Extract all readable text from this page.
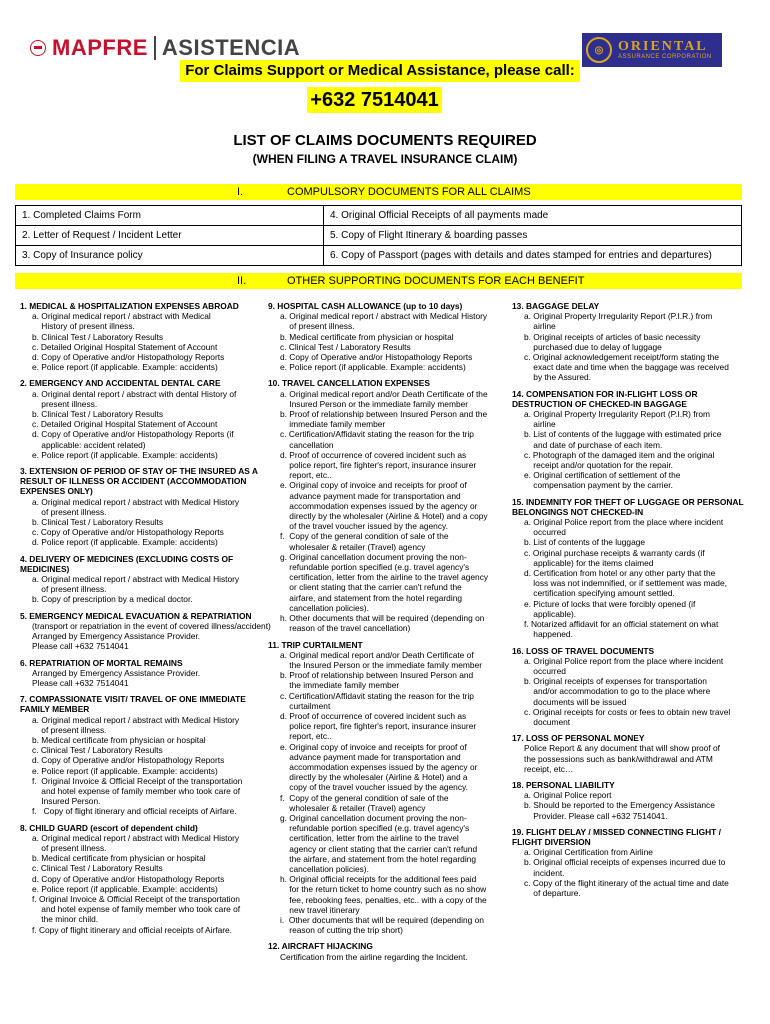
MAPFRE ASISTENCIA	◎	ORIENTAL
ASSURANCE CORPORATION
For Claims Support or Medical Assistance, please call:
+632 7514041
LIST OF CLAIMS DOCUMENTS REQUIRED
(WHEN FILING A TRAVEL INSURANCE CLAIM)
I.	COMPULSORY DOCUMENTS FOR ALL CLAIMS
1. Completed Claims Form	4. Original Official Receipts of all payments made
2. Letter of Request / Incident Letter	5. Copy of Flight Itinerary & boarding passes
3. Copy of Insurance policy	6. Copy of Passport (pages with details and dates stamped for entries and departures)
II.	OTHER SUPPORTING DOCUMENTS FOR EACH BENEFIT
1. MEDICAL & HOSPITALIZATION EXPENSES ABROAD
a. Original medical report / abstract with Medical
History of present illness.
b. Clinical Test / Laboratory Results
c. Detailed Original Hospital Statement of Account
d. Copy of Operative and/or Histopathology Reports
e. Police report (if applicable. Example: accidents)
2. EMERGENCY AND ACCIDENTAL DENTAL CARE
a. Original dental report / abstract with dental History of
present illness.
b. Clinical Test / Laboratory Results
c. Detailed Original Hospital Statement of Account
d. Copy of Operative and/or Histopathology Reports (if
applicable: accident related)
e. Police report (if applicable. Example: accidents)
3. EXTENSION OF PERIOD OF STAY OF THE INSURED AS A RESULT OF ILLNESS OR ACCIDENT (ACCOMMODATION EXPENSES ONLY)
a. Original medical report / abstract with Medical History
of present illness.
b. Clinical Test / Laboratory Results
c. Copy of Operative and/or Histopathology Reports
d. Police report (if applicable. Example: accidents)
4. DELIVERY OF MEDICINES (EXCLUDING COSTS OF MEDICINES)
a. Original medical report / abstract with Medical History
of present illness.
b. Copy of prescription by a medical doctor.
5. EMERGENCY MEDICAL EVACUATION & REPATRIATION
(transport or repatriation in the event of covered illness/accident)
Arranged by Emergency Assistance Provider.
Please call +632 7514041
6. REPATRIATION OF MORTAL REMAINS
Arranged by Emergency Assistance Provider.
Please call +632 7514041
7. COMPASSIONATE VISIT/ TRAVEL OF ONE IMMEDIATE FAMILY MEMBER
a. Original medical report / abstract with Medical History
of present illness.
b. Medical certificate from physician or hospital
c. Clinical Test / Laboratory Results
d. Copy of Operative and/or Histopathology Reports
e. Police report (if applicable. Example: accidents)
f.  Original Invoice & Official Receipt of the transportation
and hotel expense of family member who took care of
Insured Person.
f.   Copy of flight itinerary and official receipts of Airfare.
8. CHILD GUARD (escort of dependent child)
a. Original medical report / abstract with Medical History
of present illness.
b. Medical certificate from physician or hospital
c. Clinical Test / Laboratory Results
d. Copy of Operative and/or Histopathology Reports
e. Police report (if applicable. Example: accidents)
f. Original Invoice & Official Receipt of the transportation
and hotel expense of family member who took care of
the minor child.
f. Copy of flight itinerary and official receipts of Airfare.
9. HOSPITAL CASH ALLOWANCE (up to 10 days)
a. Original medical report / abstract with Medical History
of present illness.
b. Medical certificate from physician or hospital
c. Clinical Test / Laboratory Results
d. Copy of Operative and/or Histopathology Reports
e. Police report (if applicable. Example: accidents)
10. TRAVEL CANCELLATION EXPENSES
a. Original medical report and/or Death Certificate of the
Insured Person or the immediate family member
b. Proof of relationship between Insured Person and the
immediate family member
c. Certification/Affidavit stating the reason for the trip
cancellation
d. Proof of occurrence of covered incident such as
police report, fire fighter's report, insurance insurer
report, etc..
e. Original copy of invoice and receipts for proof of
advance payment made for transportation and
accommodation expenses issued by the agency or
directly by the wholesaler (Airline & Hotel) and a copy
of the travel voucher issued by the agency.
f.  Copy of the general condition of sale of the
wholesaler & retailer (Travel) agency
g. Original cancellation document proving the non-
refundable portion specified (e.g. travel agency's
certification, letter from the airline to the travel agency
or client stating that the carrier can't refund the
airfare, and statement from the hotel regarding
cancellation policies).
h. Other documents that will be required (depending on
reason of the travel cancellation)
11. TRIP CURTAILMENT
a. Original medical report and/or Death Certificate of
the Insured Person or the immediate family member
b. Proof of relationship between Insured Person and
the immediate family member
c. Certification/Affidavit stating the reason for the trip
curtailment
d. Proof of occurrence of covered incident such as
police report, fire fighter's report, insurance insurer
report, etc..
e. Original copy of invoice and receipts for proof of
advance payment made for transportation and
accommodation expenses issued by the agency or
directly by the wholesaler (Airline & Hotel) and a
copy of the travel voucher issued by the agency.
f.  Copy of the general condition of sale of the
wholesaler & retailer (Travel) agency
g. Original cancellation document proving the non-
refundable portion specified (e.g. travel agency's
certification, letter from the airline to the travel
agency or client stating that the carrier can't refund
the airfare, and statement from the hotel regarding
cancellation policies).
h. Original official receipts for the additional fees paid
for the return ticket to home country such as no show
fee, rebooking fees, penalties, etc.. with a copy of the
new travel itinerary
i.  Other documents that will be required (depending on
reason of cutting the trip short)
12. AIRCRAFT HIJACKING
Certification from the airline regarding the Incident.
13. BAGGAGE DELAY
a. Original Property Irregularity Report (P.I.R.) from
airline
b. Original receipts of articles of basic necessity
purchased due to delay of luggage
c. Original acknowledgement receipt/form stating the
exact date and time when the baggage was received
by the Assured.
14. COMPENSATION FOR IN-FLIGHT LOSS OR DESTRUCTION OF CHECKED-IN BAGGAGE
a. Original Property Irregularity Report (P.I.R) from
airline
b. List of contents of the luggage with estimated price
and date of purchase of each item.
c. Photograph of the damaged item and the original
receipt and/or quotation for the repair.
e. Original certification of settlement of the
compensation payment by the carrier.
15. INDEMNITY FOR THEFT OF LUGGAGE OR PERSONAL BELONGINGS NOT CHECKED-IN
a. Original Police report from the place where incident
occurred
b. List of contents of the luggage
c. Original purchase receipts & warranty cards (if
applicable) for the items claimed
d. Certification from hotel or any other party that the
loss was not indemnified, or if settlement was made,
certification specifying amount settled.
e. Picture of locks that were forcibly opened (if
applicable).
f. Notarized affidavit for an official statement on what
happened.
16. LOSS OF TRAVEL DOCUMENTS
a. Original Police report from the place where incident
occurred
b. Original receipts of expenses for transportation
and/or accommodation to go to the place where
documents will be issued
c. Original receipts for costs or fees to obtain new travel
document
17. LOSS OF PERSONAL MONEY
Police Report & any document that will show proof of
the possessions such as bank/withdrawal and ATM
receipt, etc…
18. PERSONAL LIABILITY
a. Original Police report
b. Should be reported to the Emergency Assistance
Provider. Please call +632 7514041.
19. FLIGHT DELAY / MISSED CONNECTING FLIGHT / FLIGHT DIVERSION
a. Original Certification from Airline
b. Original official receipts of expenses incurred due to
incident.
c. Copy of the flight itinerary of the actual time and date
of departure.
